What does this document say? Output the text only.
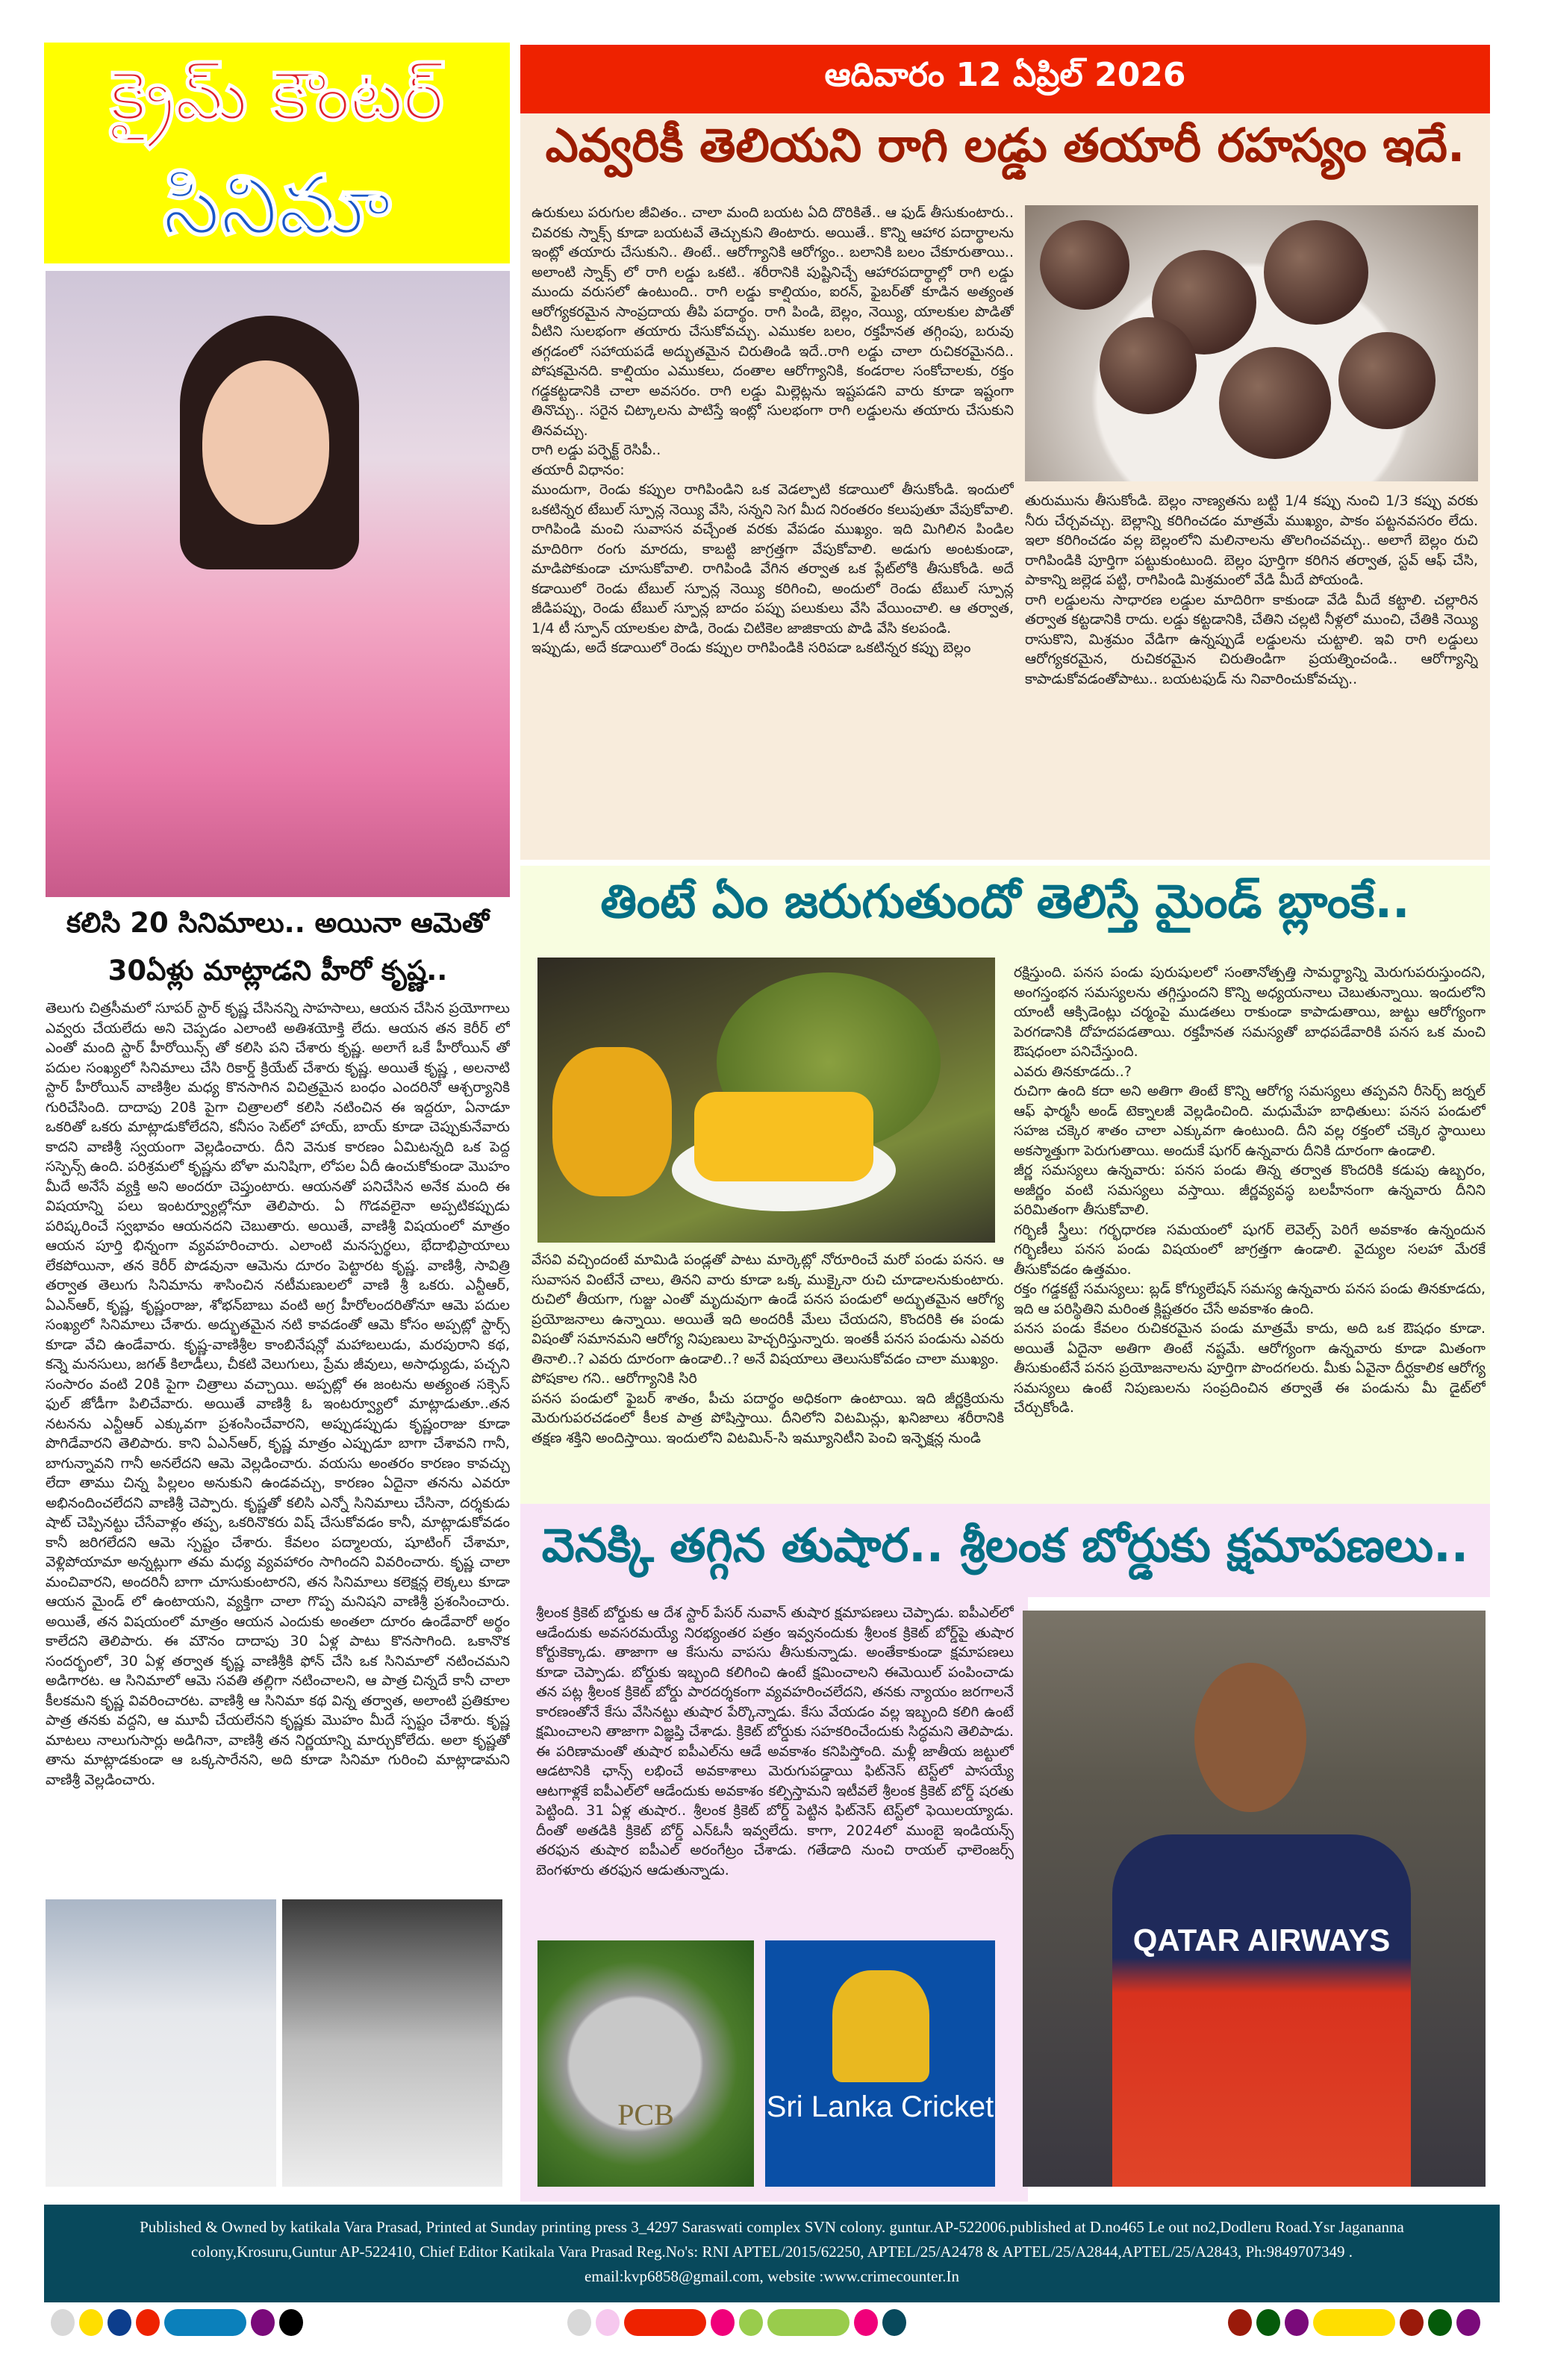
క్రైమ్ కౌంటర్
సినిమా
ఆదివారం 12 ఏప్రిల్ 2026
ఎవ్వరికీ తెలియని రాగి లడ్డు తయారీ రహస్యం ఇదే.

ఉరుకులు పరుగుల జీవితం.. చాలా మంది బయట ఏది దొరికితే.. ఆ ఫుడ్ తీసుకుంటారు.. చివరకు స్నాక్స్ కూడా బయటవే తెచ్చుకుని తింటారు. అయితే.. కొన్ని ఆహార పదార్థాలను ఇంట్లో తయారు చేసుకుని.. తింటే.. ఆరోగ్యానికి ఆరోగ్యం.. బలానికి బలం చేకూరుతాయి.. అలాంటి స్నాక్స్ లో రాగి లడ్డు ఒకటి.. శరీరానికి పుష్టినిచ్చే ఆహారపదార్థాల్లో రాగి లడ్డు ముందు వరుసలో ఉంటుంది.. రాగి లడ్డు కాల్షియం, ఐరన్, ఫైబర్‌తో కూడిన అత్యంత ఆరోగ్యకరమైన సాంప్రదాయ తీపి పదార్థం. రాగి పిండి, బెల్లం, నెయ్యి, యాలకుల పొడితో వీటిని సులభంగా తయారు చేసుకోవచ్చు. ఎముకల బలం, రక్తహీనత తగ్గింపు, బరువు తగ్గడంలో సహాయపడే అద్భుతమైన చిరుతిండి ఇదే..రాగి లడ్డు చాలా రుచికరమైనది.. పోషకమైనది. కాల్షియం ఎముకలు, దంతాల ఆరోగ్యానికి, కండరాల సంకోచాలకు, రక్తం గడ్డకట్టడానికి చాలా అవసరం. రాగి లడ్డు మిల్లెట్లను ఇష్టపడని వారు కూడా ఇష్టంగా తినొచ్చు.. సరైన చిట్కాలను పాటిస్తే ఇంట్లో సులభంగా రాగి లడ్డులను తయారు చేసుకుని తినవచ్చు.

రాగి లడ్డు పర్ఫెక్ట్ రెసిపీ..

తయారీ విధానం:

ముందుగా, రెండు కప్పుల రాగిపిండిని ఒక వెడల్పాటి కడాయిలో తీసుకోండి. ఇందులో ఒకటిన్నర టేబుల్ స్పూన్ల నెయ్యి వేసి, సన్నని సెగ మీద నిరంతరం కలుపుతూ వేపుకోవాలి. రాగిపిండి మంచి సువాసన వచ్చేంత వరకు వేపడం ముఖ్యం. ఇది మిగిలిన పిండిల మాదిరిగా రంగు మారదు, కాబట్టి జాగ్రత్తగా వేపుకోవాలి. అడుగు అంటకుండా, మాడిపోకుండా చూసుకోవాలి. రాగిపిండి వేగిన తర్వాత ఒక ప్లేట్‌లోకి తీసుకోండి. అదే కడాయిలో రెండు టేబుల్ స్పూన్ల నెయ్యి కరిగించి, అందులో రెండు టేబుల్ స్పూన్ల జీడిపప్పు, రెండు టేబుల్ స్పూన్ల బాదం పప్పు పలుకులు వేసి వేయించాలి. ఆ తర్వాత, 1/4 టీ స్పూన్ యాలకుల పొడి, రెండు చిటికెల జాజికాయ పొడి వేసి కలపండి.

ఇప్పుడు, అదే కడాయిలో రెండు కప్పుల రాగిపిండికి సరిపడా ఒకటిన్నర కప్పు బెల్లం

తురుమును తీసుకోండి. బెల్లం నాణ్యతను బట్టి 1/4 కప్పు నుంచి 1/3 కప్పు వరకు నీరు చేర్చవచ్చు. బెల్లాన్ని కరిగించడం మాత్రమే ముఖ్యం, పాకం పట్టనవసరం లేదు. ఇలా కరిగించడం వల్ల బెల్లంలోని మలినాలను తొలగించవచ్చు.. అలాగే బెల్లం రుచి రాగిపిండికి పూర్తిగా పట్టుకుంటుంది. బెల్లం పూర్తిగా కరిగిన తర్వాత, స్టవ్ ఆఫ్ చేసి, పాకాన్ని జల్లెడ పట్టి, రాగిపిండి మిశ్రమంలో వేడి మీదే పోయండి.

రాగి లడ్డులను సాధారణ లడ్డుల మాదిరిగా కాకుండా వేడి మీదే కట్టాలి. చల్లారిన తర్వాత కట్టడానికి రాదు. లడ్డు కట్టడానికి, చేతిని చల్లటి నీళ్లలో ముంచి, చేతికి నెయ్యి రాసుకొని, మిశ్రమం వేడిగా ఉన్నప్పుడే లడ్డులను చుట్టాలి. ఇవి రాగి లడ్డులు ఆరోగ్యకరమైన, రుచికరమైన చిరుతిండిగా ప్రయత్నించండి.. ఆరోగ్యాన్ని కాపాడుకోవడంతోపాటు.. బయటఫుడ్ ను నివారించుకోవచ్చు..

కలిసి 20 సినిమాలు.. అయినా ఆమెతో
30ఏళ్లు మాట్లాడని హీరో కృష్ణ..

తెలుగు చిత్రసీమలో సూపర్ స్టార్ కృష్ణ చేసినన్ని సాహసాలు, ఆయన చేసిన ప్రయోగాలు ఎవ్వరు చేయలేదు అని చెప్పడం ఎలాంటి అతిశయోక్తి లేదు. ఆయన తన కెరీర్ లో ఎంతో మంది స్టార్ హీరోయిన్స్ తో కలిసి పని చేశారు కృష్ణ. అలాగే ఒకే హీరోయిన్ తో పదుల సంఖ్యలో సినిమాలు చేసి రికార్డ్ క్రియేట్ చేశారు కృష్ణ. అయితే కృష్ణ , అలనాటి స్టార్ హీరోయిన్ వాణిశ్రీల మధ్య కొనసాగిన విచిత్రమైన బంధం ఎందరినో ఆశ్చర్యానికి గురిచేసింది. దాదాపు 20కి పైగా చిత్రాలలో కలిసి నటించిన ఈ ఇద్దరూ, ఏనాడూ ఒకరితో ఒకరు మాట్లాడుకోలేదని, కనీసం సెట్‌లో హాయ్, బాయ్ కూడా చెప్పుకునేవారు కాదని వాణిశ్రీ స్వయంగా వెల్లడించారు. దీని వెనుక కారణం ఏమిటన్నది ఒక పెద్ద సస్పెన్స్ ఉంది. పరిశ్రమలో కృష్ణను బోళా మనిషిగా, లోపల ఏదీ ఉంచుకోకుండా మొహం మీదే అనేసే వ్యక్తి అని అందరూ చెప్తుంటారు. ఆయనతో పనిచేసిన అనేక మంది ఈ విషయాన్ని పలు ఇంటర్వ్యూల్లోనూ తెలిపారు. ఏ గొడవలైనా అప్పటికప్పుడు పరిష్కరించే స్వభావం ఆయనదని చెబుతారు. అయితే, వాణిశ్రీ విషయంలో మాత్రం ఆయన పూర్తి భిన్నంగా వ్యవహరించారు. ఎలాంటి మనస్పర్థలు, భేదాభిప్రాయాలు లేకపోయినా, తన కెరీర్ పొడవునా ఆమెను దూరం పెట్టారట కృష్ణ. వాణిశ్రీ, సావిత్రి తర్వాత తెలుగు సినిమాను శాసించిన నటీమణులలో వాణి శ్రీ ఒకరు. ఎన్టీఆర్, ఏఎన్ఆర్, కృష్ణ, కృష్ణంరాజు, శోభన్‌బాబు వంటి అగ్ర హీరోలందరితోనూ ఆమె పదుల సంఖ్యలో సినిమాలు చేశారు. అద్భుతమైన నటి కావడంతో ఆమె కోసం అప్పట్లో స్టార్స్ కూడా వేచి ఉండేవారు. కృష్ణ-వాణిశ్రీల కాంబినేషన్లో మహాబలుడు, మరపురాని కథ, కన్నె మనసులు, జగత్ కిలాడీలు, చీకటి వెలుగులు, ప్రేమ జీవులు, అసాధ్యుడు, పచ్చని సంసారం వంటి 20కి పైగా చిత్రాలు వచ్చాయి. అప్పట్లో ఈ జంటను అత్యంత సక్సెస్ ఫుల్ జోడీగా పిలిచేవారు. అయితే వాణిశ్రీ ఓ ఇంటర్వ్యూలో మాట్లాడుతూ..తన నటనను ఎన్టీఆర్ ఎక్కువగా ప్రశంసించేవారని, అప్పుడప్పుడు కృష్ణంరాజు కూడా పొగిడేవారని తెలిపారు. కాని ఏఎన్ఆర్, కృష్ణ మాత్రం ఎప్పుడూ బాగా చేశావని గానీ, బాగున్నావని గానీ అనలేదని ఆమె వెల్లడించారు. వయసు అంతరం కారణం కావచ్చు లేదా తాము చిన్న పిల్లలం అనుకుని ఉండవచ్చు, కారణం ఏదైనా తనను ఎవరూ అభినందించలేదని వాణిశ్రీ చెప్పారు. కృష్ణతో కలిసి ఎన్నో సినిమాలు చేసినా, దర్శకుడు షాట్ చెప్పినట్టు చేసేవాళ్లం తప్ప, ఒకరినొకరు విష్ చేసుకోవడం కానీ, మాట్లాడుకోవడం కానీ జరిగలేదని ఆమె స్పష్టం చేశారు. కేవలం పద్మాలయ, షూటింగ్ చేశామా, వెళ్లిపోయామా అన్నట్లుగా తమ మధ్య వ్యవహారం సాగిందని వివరించారు. కృష్ణ చాలా మంచివారని, అందరినీ బాగా చూసుకుంటారని, తన సినిమాలు కలెక్షన్ల లెక్కలు కూడా ఆయన మైండ్ లో ఉంటాయని, వ్యక్తిగా చాలా గొప్ప మనిషని వాణిశ్రీ ప్రశంసించారు. అయితే, తన విషయంలో మాత్రం ఆయన ఎందుకు అంతలా దూరం ఉండేవారో అర్థం కాలేదని తెలిపారు. ఈ మౌనం దాదాపు 30 ఏళ్ల పాటు కొనసాగింది. ఒకానొక సందర్భంలో, 30 ఏళ్ల తర్వాత కృష్ణ వాణిశ్రీకి ఫోన్ చేసి ఒక సినిమాలో నటించమని అడిగారట. ఆ సినిమాలో ఆమె సవతి తల్లిగా నటించాలని, ఆ పాత్ర చిన్నదే కానీ చాలా కీలకమని కృష్ణ వివరించారట. వాణిశ్రీ ఆ సినిమా కథ విన్న తర్వాత, అలాంటి ప్రతికూల పాత్ర తనకు వద్దని, ఆ మూవీ చేయలేనని కృష్ణకు మొహం మీదే స్పష్టం చేశారు. కృష్ణ మాటలు నాలుగుసార్లు అడిగినా, వాణిశ్రీ తన నిర్ణయాన్ని మార్చుకోలేదు. అలా కృష్ణతో తాను మాట్లాడకుండా ఆ ఒక్కసారేనని, అది కూడా సినిమా గురించి మాట్లాడామని వాణిశ్రీ వెల్లడించారు.

తింటే ఏం జరుగుతుందో తెలిస్తే మైండ్ బ్లాంకే..

వేసవి వచ్చిందంటే మామిడి పండ్లతో పాటు మార్కెట్లో నోరూరించే మరో పండు పనస. ఆ సువాసన వింటేనే చాలు, తినని వారు కూడా ఒక్క ముక్కైనా రుచి చూడాలనుకుంటారు. రుచిలో తీయగా, గుజ్జు ఎంతో మృదువుగా ఉండే పనస పండులో అద్భుతమైన ఆరోగ్య ప్రయోజనాలు ఉన్నాయి. అయితే ఇది అందరికీ మేలు చేయదని, కొందరికి ఈ పండు విషంతో సమానమని ఆరోగ్య నిపుణులు హెచ్చరిస్తున్నారు. ఇంతకీ పనస పండును ఎవరు తినాలి..? ఎవరు దూరంగా ఉండాలి..? అనే విషయాలు తెలుసుకోవడం చాలా ముఖ్యం.

పోషకాల గని.. ఆరోగ్యానికి సిరి

పనస పండులో ఫైబర్ శాతం, పీచు పదార్థం అధికంగా ఉంటాయి. ఇది జీర్ణక్రియను మెరుగుపరచడంలో కీలక పాత్ర పోషిస్తాయి. దీనిలోని విటమిన్లు, ఖనిజాలు శరీరానికి తక్షణ శక్తిని అందిస్తాయి. ఇందులోని విటమిన్-సి ఇమ్యూనిటీని పెంచి ఇన్ఫెక్షన్ల నుండి

రక్షిస్తుంది. పనస పండు పురుషులలో సంతానోత్పత్తి సామర్థ్యాన్ని మెరుగుపరుస్తుందని, అంగస్తంభన సమస్యలను తగ్గిస్తుందని కొన్ని అధ్యయనాలు చెబుతున్నాయి. ఇందులోని యాంటీ ఆక్సిడెంట్లు చర్మంపై ముడతలు రాకుండా కాపాడుతాయి, జుట్టు ఆరోగ్యంగా పెరగడానికి దోహదపడతాయి. రక్తహీనత సమస్యతో బాధపడేవారికి పనస ఒక మంచి ఔషధంలా పనిచేస్తుంది.

ఎవరు తినకూడదు..?

రుచిగా ఉంది కదా అని అతిగా తింటే కొన్ని ఆరోగ్య సమస్యలు తప్పవని రీసెర్చ్ జర్నల్ ఆఫ్ ఫార్మసీ అండ్ టెక్నాలజీ వెల్లడించింది. మధుమేహ బాధితులు: పనస పండులో సహజ చక్కెర శాతం చాలా ఎక్కువగా ఉంటుంది. దీని వల్ల రక్తంలో చక్కెర స్థాయిలు అకస్మాత్తుగా పెరుగుతాయి. అందుకే షుగర్ ఉన్నవారు దీనికి దూరంగా ఉండాలి.

జీర్ణ సమస్యలు ఉన్నవారు: పనస పండు తిన్న తర్వాత కొందరికి కడుపు ఉబ్బరం, అజీర్ణం వంటి సమస్యలు వస్తాయి. జీర్ణవ్యవస్థ బలహీనంగా ఉన్నవారు దీనిని పరిమితంగా తీసుకోవాలి.

గర్భిణీ స్త్రీలు: గర్భధారణ సమయంలో షుగర్ లెవెల్స్ పెరిగే అవకాశం ఉన్నందున గర్భిణీలు పనస పండు విషయంలో జాగ్రత్తగా ఉండాలి. వైద్యుల సలహా మేరకే తీసుకోవడం ఉత్తమం.

రక్తం గడ్డకట్టే సమస్యలు: బ్లడ్ కోగ్యులేషన్ సమస్య ఉన్నవారు పనస పండు తినకూడదు, ఇది ఆ పరిస్థితిని మరింత క్లిష్టతరం చేసే అవకాశం ఉంది.

పనస పండు కేవలం రుచికరమైన పండు మాత్రమే కాదు, అది ఒక ఔషధం కూడా. అయితే ఏదైనా అతిగా తింటే నష్టమే. ఆరోగ్యంగా ఉన్నవారు కూడా మితంగా తీసుకుంటేనే పనస ప్రయోజనాలను పూర్తిగా పొందగలరు. మీకు ఏవైనా దీర్ఘకాలిక ఆరోగ్య సమస్యలు ఉంటే నిపుణులను సంప్రదించిన తర్వాతే ఈ పండును మీ డైట్‌లో చేర్చుకోండి.

వెనక్కి తగ్గిన తుషార.. శ్రీలంక బోర్డుకు క్షమాపణలు..

శ్రీలంక క్రికెట్ బోర్డుకు ఆ దేశ స్టార్ పేసర్ నువాన్ తుషార క్షమాపణలు చెప్పాడు. ఐపీఎల్‌లో ఆడేందుకు అవసరమయ్యే నిరభ్యంతర పత్రం ఇవ్వనందుకు శ్రీలంక క్రికెట్ బోర్డ్‌పై తుషార కోర్టుకెక్కాడు. తాజాగా ఆ కేసును వాపసు తీసుకున్నాడు. అంతేకాకుండా క్షమాపణలు కూడా చెప్పాడు. బోర్డుకు ఇబ్బంది కలిగించి ఉంటే క్షమించాలని ఈమెయిల్ పంపించాడు తన పట్ల శ్రీలంక క్రికెట్ బోర్డు పారదర్శకంగా వ్యవహరించలేదని, తనకు న్యాయం జరగాలనే కారణంతోనే కేసు వేసినట్టు తుషార పేర్కొన్నాడు. కేసు వేయడం వల్ల ఇబ్బంది కలిగి ఉంటే క్షమించాలని తాజాగా విజ్ఞప్తి చేశాడు. క్రికెట్ బోర్డుకు సహకరించేందుకు సిద్ధమని తెలిపాడు. ఈ పరిణామంతో తుషార ఐపీఎల్‌ను ఆడే అవకాశం కనిపిస్తోంది. మళ్లీ జాతీయ జట్టులో ఆడటానికి ఛాన్స్ లభించే అవకాశాలు మెరుగుపడ్డాయి ఫిట్‌నెస్ టెస్ట్‌లో పాసయ్యే ఆటగాళ్లకే ఐపీఎల్‌లో ఆడేందుకు అవకాశం కల్పిస్తామని ఇటీవలే శ్రీలంక క్రికెట్ బోర్డ్ షరతు పెట్టింది. 31 ఏళ్ల తుషార.. శ్రీలంక క్రికెట్ బోర్డ్ పెట్టిన ఫిట్‌నెస్ టెస్ట్‌లో ఫెయిలయ్యాడు. దీంతో అతడికి క్రికెట్ బోర్డ్ ఎన్ఓసీ ఇవ్వలేదు. కాగా, 2024లో ముంబై ఇండియన్స్ తరఫున తుషార ఐపీఎల్ అరంగేట్రం చేశాడు. గతేడాది నుంచి రాయల్ ఛాలెంజర్స్ బెంగళూరు తరఫున ఆడుతున్నాడు.

PCB	Sri Lanka Cricket
QATAR AIRWAYS
Published & Owned by katikala Vara Prasad, Printed at Sunday printing press 3_4297 Saraswati complex SVN colony. guntur.AP-522006.published at D.no465 Le out no2,Dodleru Road.Ysr Jagananna
colony,Krosuru,Guntur AP-522410, Chief Editor Katikala Vara Prasad Reg.No's: RNI APTEL/2015/62250, APTEL/25/A2478 & APTEL/25/A2844,APTEL/25/A2843, Ph:9849707349 .
email:kvp6858@gmail.com, website :www.crimecounter.In
